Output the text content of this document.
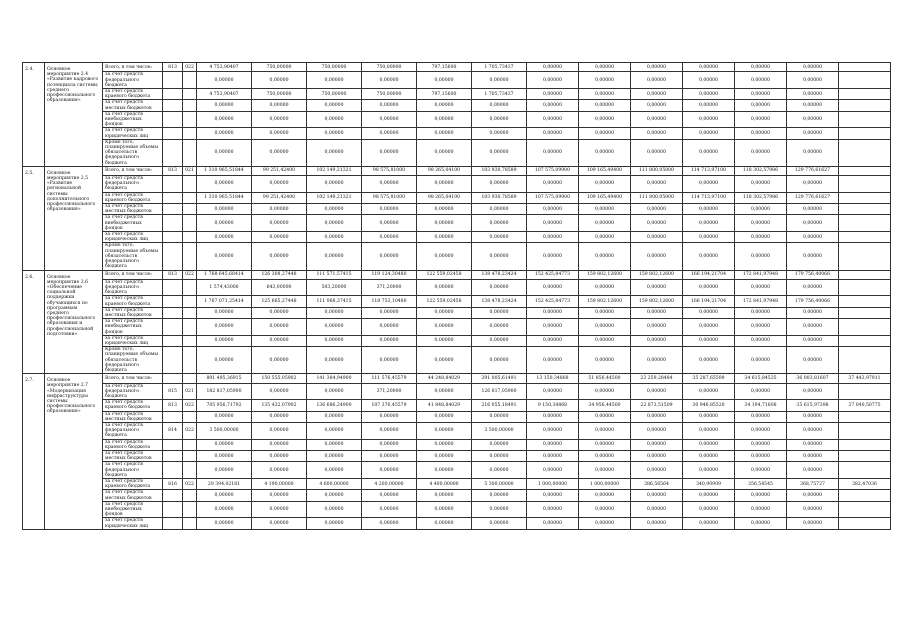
2.4.	Основное мероприятие 2.4 «Развитие кадрового потенциала системы среднего профессионального образования»	Всего, в том числе:	813	022	4 753,90407	750,00000	750,00000	750,00000	797,15600	1 705,73437	0,00000	0,00000	0,00000	0,00000	0,00000	0,00000	
		за счет средств федерального бюджета			0,00000	0,00000	0,00000	0,00000	0,00000	0,00000	0,00000	0,00000	0,00000	0,00000	0,00000	0,00000	
		за счет средств краевого бюджета			4 753,90407	750,00000	750,00000	750,00000	797,15600	1 705,73437	0,00000	0,00000	0,00000	0,00000	0,00000	0,00000	
		за счет средств местных бюджетов			0,00000	0,00000	0,00000	0,00000	0,00000	0,00000	0,00000	0,00000	0,00000	0,00000	0,00000	0,00000	
		за счет средств внебюджетных фондов			0,00000	0,00000	0,00000	0,00000	0,00000	0,00000	0,00000	0,00000	0,00000	0,00000	0,00000	0,00000	
		за счет средств юридических лиц			0,00000	0,00000	0,00000	0,00000	0,00000	0,00000	0,00000	0,00000	0,00000	0,00000	0,00000	0,00000	
		Кроме того, планируемые объемы обязательств федерального бюджета			0,00000	0,00000	0,00000	0,00000	0,00000	0,00000	0,00000	0,00000	0,00000	0,00000	0,00000	0,00000	
2.5.	Основное мероприятие 2.5 «Развитие региональной системы дополнительного профессионального образования»	Всего, в том числе:	813	021	1 310 965,51844	99 251,42400	102 149,21321	98 575,81000	98 265,04100	103 930,78589	107 575,09900	109 165,49400	111 800,05000	114 713,97100	118 302,57986	129 776,61627	
		за счет средств федерального бюджета			0,00000	0,00000	0,00000	0,00000	0,00000	0,00000	0,00000	0,00000	0,00000	0,00000	0,00000	0,00000	
		за счет средств краевого бюджета			1 310 965,51844	99 251,42400	102 149,21321	98 575,81000	98 265,04100	103 930,78589	107 575,09900	109 165,49400	111 800,05000	114 713,97100	118 302,57986	129 776,61627	
		за счет средств местных бюджетов			0,00000	0,00000	0,00000	0,00000	0,00000	0,00000	0,00000	0,00000	0,00000	0,00000	0,00000	0,00000	
		за счет средств внебюджетных фондов			0,00000	0,00000	0,00000	0,00000	0,00000	0,00000	0,00000	0,00000	0,00000	0,00000	0,00000	0,00000	
		за счет средств юридических лиц			0,00000	0,00000	0,00000	0,00000	0,00000	0,00000	0,00000	0,00000	0,00000	0,00000	0,00000	0,00000	
		Кроме того, планируемые объемы обязательств федерального бюджета			0,00000	0,00000	0,00000	0,00000	0,00000	0,00000	0,00000	0,00000	0,00000	0,00000	0,00000	0,00000	
2.6.	Основное мероприятие 2.6 «Обеспечение социальной поддержки обучающихся по программам среднего профессионального образования и профессиональной подготовки»	Всего, в том числе:	813	022	1 768 645,68414	126 308,27448	111 571,57415	119 124,30480	122 559,02458	138 478,23424	152 425,84773	159 802,12600	159 802,12600	166 194,21704	172 841,97948	179 756,40066	
		за счет средств федерального бюджета			1 574,43000	643,00000	503,20000	371,20000	0,00000	0,00000	0,00000	0,00000	0,00000	0,00000	0,00000	0,00000	
		за счет средств краевого бюджета			1 767 071,25414	125 665,27448	111 068,37415	118 753,10480	122 559,02458	138 478,23424	152 425,84773	159 802,12600	159 802,12600	166 194,21704	172 841,97948	179 756,40066	
		за счет средств местных бюджетов			0,00000	0,00000	0,00000	0,00000	0,00000	0,00000	0,00000	0,00000	0,00000	0,00000	0,00000	0,00000	
		за счет средств внебюджетных фондов			0,00000	0,00000	0,00000	0,00000	0,00000	0,00000	0,00000	0,00000	0,00000	0,00000	0,00000	0,00000	
		за счет средств юридических лиц			0,00000	0,00000	0,00000	0,00000	0,00000	0,00000	0,00000	0,00000	0,00000	0,00000	0,00000	0,00000	
		Кроме того, планируемые объемы обязательств федерального бюджета			0,00000	0,00000	0,00000	0,00000	0,00000	0,00000	0,00000	0,00000	0,00000	0,00000	0,00000	0,00000	
2.7.	Основное мероприятие 2.7 «Модернизация инфраструктуры системы профессионального образования»	Всего, в том числе:			891 495,36915	150 555,05902	141 384,94900	111 576,45579	44 248,84029	391 005,61491	13 150,34868	51 856,44500	23 259,28484	35 287,65509	34 615,84535	36 003,81607	37 443,97911
		за счет средств федерального бюджета	815	021	182 817,05900	0,00000	0,00000	371,20000	0,00000	126 817,05900	0,00000	0,00000	0,00000	0,00000	0,00000	0,00000	
		за счет средств краевого бюджета	813	022	705 956,71792	135 432,07902	136 686,24900	107 376,45579	41 848,84029	216 055,18491	9 150,34868	34 956,44500	22 873,51509	30 946,85520	34 194,71608	35 615,97398	37 040,50775
		за счет средств местных бюджетов			0,00000	0,00000	0,00000	0,00000	0,00000	0,00000	0,00000	0,00000	0,00000	0,00000	0,00000	0,00000	
		за счет средств федерального бюджета	814	022	3 500,00000	0,00000	0,00000	0,00000	0,00000	3 500,00000	0,00000	0,00000	0,00000	0,00000	0,00000	0,00000	
		за счет средств краевого бюджета			0,00000	0,00000	0,00000	0,00000	0,00000	0,00000	0,00000	0,00000	0,00000	0,00000	0,00000	0,00000	
		за счет средств местных бюджетов			0,00000	0,00000	0,00000	0,00000	0,00000	0,00000	0,00000	0,00000	0,00000	0,00000	0,00000	0,00000	
		за счет средств федерального бюджета			0,00000	0,00000	0,00000	0,00000	0,00000	0,00000	0,00000	0,00000	0,00000	0,00000	0,00000	0,00000	
		за счет средств краевого бюджета	816	022	29 394,02181	4 190,00000	4 600,00000	4 200,00000	4 400,00000	5 300,00000	1 000,00000	1 000,00000	386,56564	340,90909	356,54545	368,75727	382,47036
		за счет средств местных бюджетов			0,00000	0,00000	0,00000	0,00000	0,00000	0,00000	0,00000	0,00000	0,00000	0,00000	0,00000	0,00000	
		за счет средств внебюджетных фондов			0,00000	0,00000	0,00000	0,00000	0,00000	0,00000	0,00000	0,00000	0,00000	0,00000	0,00000	0,00000	
		за счет средств юридических лиц			0,00000	0,00000	0,00000	0,00000	0,00000	0,00000	0,00000	0,00000	0,00000	0,00000	0,00000	0,00000	
